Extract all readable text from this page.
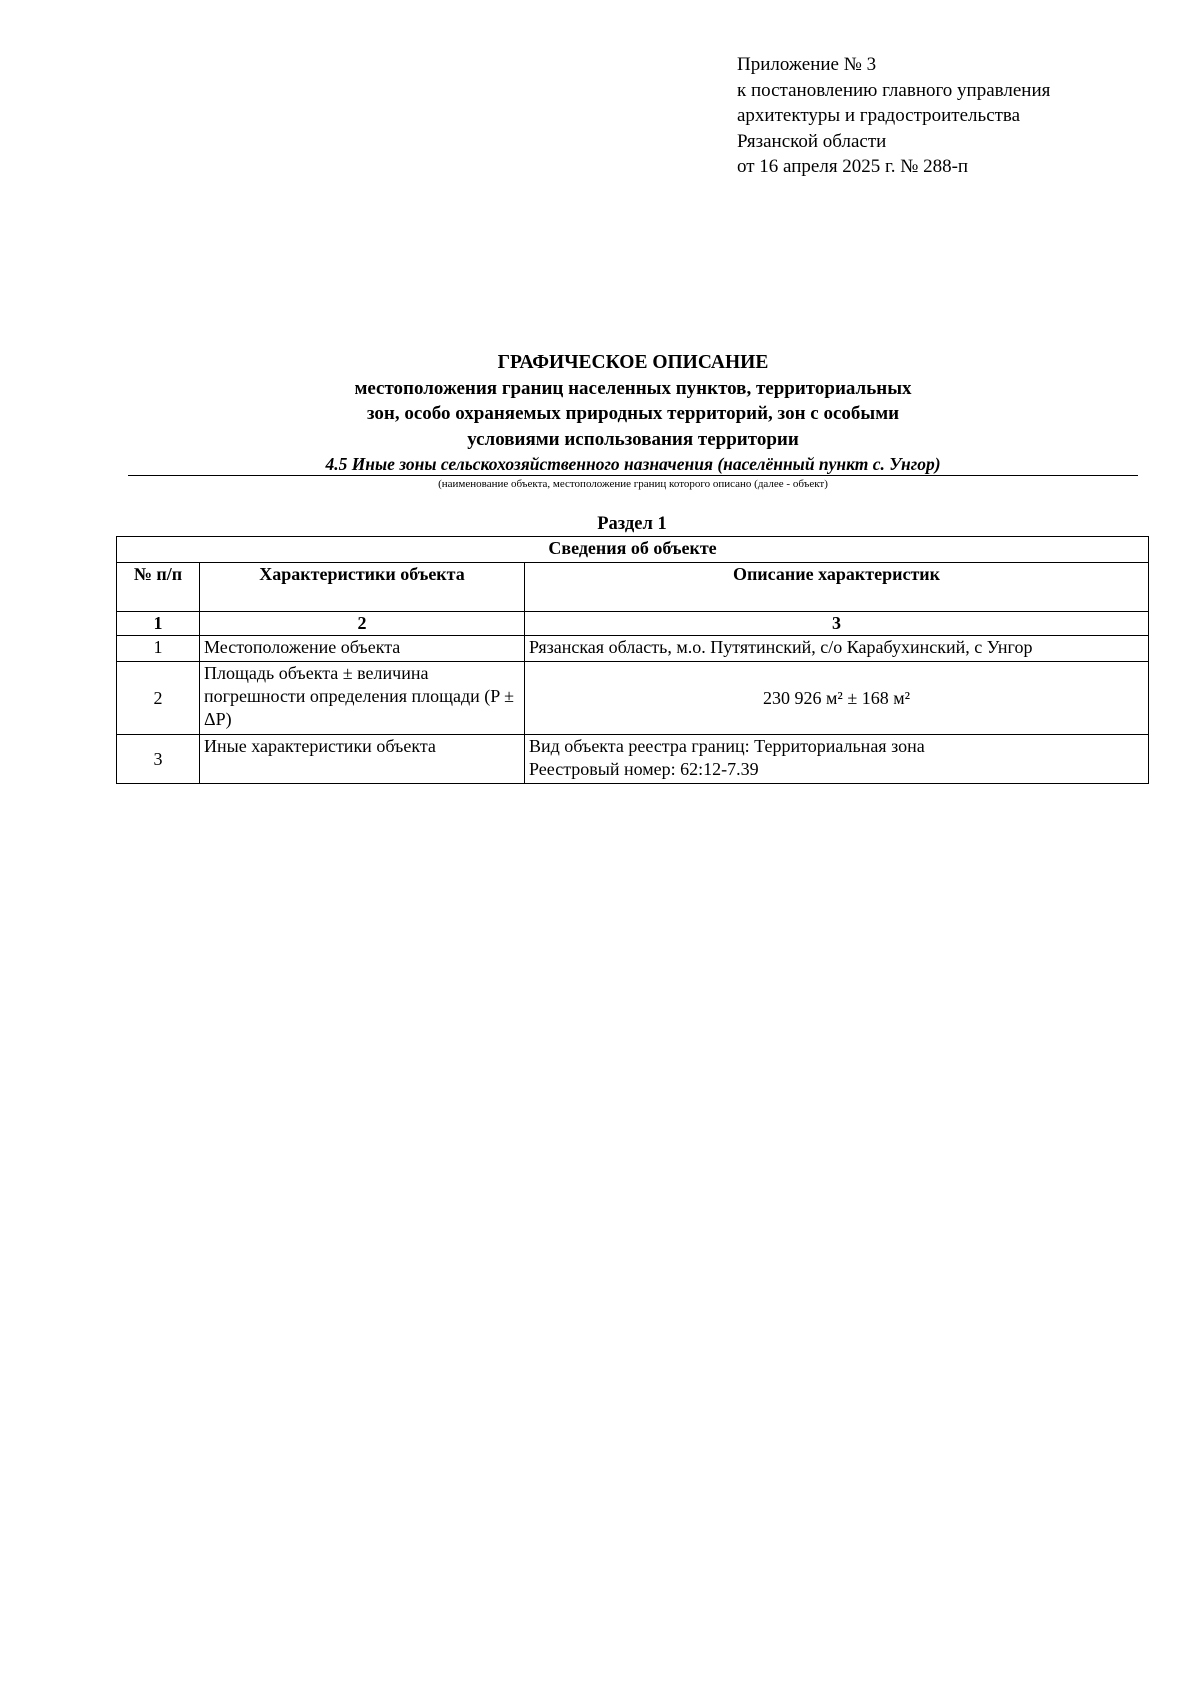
Приложение № 3
к постановлению главного управления
архитектуры и градостроительства
Рязанской области
от 16 апреля 2025 г. № 288-п
ГРАФИЧЕСКОЕ ОПИСАНИЕ
местоположения границ населенных пунктов, территориальных
зон, особо охраняемых природных территорий, зон с особыми
условиями использования территории
4.5 Иные зоны сельскохозяйственного назначения (населённый пункт с. Унгор)
(наименование объекта, местоположение границ которого описано (далее - объект)
Раздел 1
Сведения об объекте		
№ п/п	Характеристики объекта	Описание характеристик
1	2	3
1	Местоположение объекта	Рязанская область, м.о. Путятинский, с/о Карабухинский, с Унгор
2	Площадь объекта ± величина погрешности определения площади (P ± ΔP)	230 926 м² ± 168 м²
3	Иные характеристики объекта	Вид объекта реестра границ: Территориальная зона
Реестровый номер: 62:12-7.39
